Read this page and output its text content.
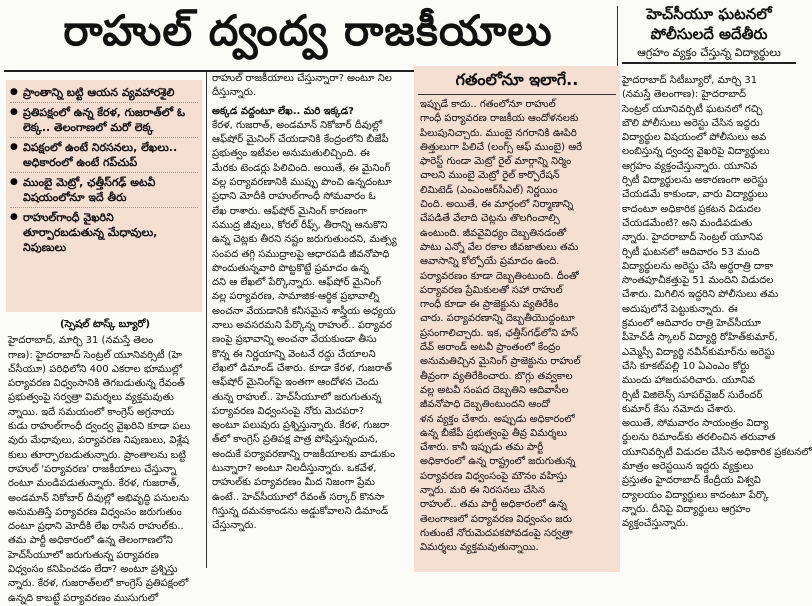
రాహుల్ ద్వంద్వ రాజకీయాలు	హెచ్‌సీయూ ఘటనలో
పోలీసులదే అదేతీరు
ఆగ్రహం వ్యక్తం చేస్తున్న విద్యార్థులు
● ప్రాంతాన్ని బట్టి ఆయన వ్యవహారశైలి
● ప్రతిపక్షంలో ఉన్న కేరళ, గుజరాత్‌లో ఓ లెక్క.. తెలంగాణలో మరో లెక్క
● విపక్షంలో ఉంటే నిరసనలు, లేఖలు.. అధికారంలో ఉంటే గప్‌చుప్
● ముంబై మెట్రో, ఛత్తీస్‌గఢ్ అటవీ విషయంలోనూ ఇదే తీరు
● రాహుల్‌గాంధీ వైఖరిని తూర్పారబడుతున్న మేధావులు, నిపుణులు

(స్పెషల్ టాస్క్ బ్యూరో)

హైదరాబాద్, మార్చి 31 (నమస్తే తెలం

గాణ): హైదరాబాద్ సెంట్రల్ యూనివర్సిటీ (హె

చ్‌సీయూ) పరిధిలోని 400 ఎకరాల భూముల్లో

పర్యావరణ విధ్వంసానికి తెగబడుతున్న రేవంత్

ప్రభుత్వంపై సర్వత్రా విమర్శలు వ్యక్తమవుతు

న్నాయి. ఇదే సమయంలో కాంగ్రెస్ అగ్రనాయ

కుడు రాహుల్‌గాంధీ ద్వంద్వ వైఖరిని కూడా పలు

వురు మేధావులు, పర్యావరణ నిపుణులు, విశ్లేష

కులు తూర్పారబడుతున్నారు. ప్రాంతాలను బట్టి

రాహుల్ 'పర్యావరణ' రాజకీయాలు చేస్తున్నా

రంటూ మండిపడుతున్నారు. కేరళ, గుజరాత్,

అండమాన్ నికోబార్ దీవుల్లో అభివృద్ధి పనులను

అనుమతిస్తే పర్యావరణ విధ్వంసం జరుగుతుం

దంటూ ప్రధాని మోదీకి లేఖ రాసిన రాహుల్‌కు..

తమ పార్టీ అధికారంలో ఉన్న తెలంగాణలోని

హెచ్‌సీయూలో జరుగుతున్న పర్యావరణ

విధ్వంసం కనిపించడం లేదా? అంటూ ప్రశ్నిస్తు

న్నారు. కేరళ, గుజరాత్‌లలో కాంగ్రెస్ ప్రతిపక్షంలో

ఉన్నది కాబట్టే పర్యావరణం ముసుగులో

రాహుల్ రాజకీయాలు చేస్తున్నారా? అంటూ నిల

దీస్తున్నారు.

అక్కడ వద్దంటూ లేఖ.. మరి ఇక్కడ?

కేరళ, గుజరాత్, అండమాన్ నికోబార్ దీవుల్లో

ఆఫ్‌షోర్ మైనింగ్ చేయడానికి కేంద్రంలోని బీజేపీ

ప్రభుత్వం ఇటీవల అనుమతులిచ్చింది. ఈ

మేరకు టెండర్లు పిలిచింది. అయితే, ఈ మైనింగ్

వల్ల పర్యావరణానికి ముప్పు పొంచి ఉన్నదంటూ

ప్రధాని మోదీకి రాహుల్‌గాంధీ సోమవారం ఓ

లేఖ రాశారు. ఆఫ్‌షోర్ మైనింగ్ కారణంగా

సముద్ర జీవులు, కోరల్ రీఫ్స్, తీరాన్ని ఆనుకొని

ఉన్న చెట్లకు తీరని నష్టం జరుగుతుందని, మత్స్య

సంపద తగ్గి సముద్రాలపై ఆధారపడి జీవనోపాధి

పొందుతున్నవారి పొట్టకొట్టే ప్రమాదం ఉన్న

దని ఆ లేఖలో పేర్కొన్నారు. ఆఫ్‌షోర్ మైనింగ్

వల్ల పర్యావరణ, సామాజిక-ఆర్థిక ప్రభావాల్ని

అంచనా వేయడానికి కనీసమైన శాస్త్రీయ అధ్యయ

నాలు అవసరమని పేర్కొన్న రాహుల్.. పర్యావర

ణంపై ప్రభావాన్ని అంచనా వేయకుండా తీసు

కొన్న ఈ నిర్ణయాన్ని వెంటనే రద్దు చేయాలని

లేఖలో డిమాండ్ చేశారు. కూడా కేరళ, గుజరాత్

ఆఫ్‌షోర్ మైనింగ్‌పై ఇంతగా ఆందోళన చెందు

తున్న రాహుల్.. హెచ్‌సీయూలో జరుగుతున్న

పర్యావరణ విధ్వంసంపై నోరు మెదపరా?

అంటూ పలువురు ప్రశ్నిస్తున్నారు. కేరళ, గుజరా

త్‌లో కాంగ్రెస్ ప్రతిపక్ష పాత్ర పోషిస్తున్నందున,

అందుకే పర్యావరణాన్ని రాజకీయాలకు వాడుకుం

టున్నారా? అంటూ నిలదీస్తున్నారు. ఒకవేళ,

రాహుల్‌కు పర్యావరణం మీద నిజంగా ప్రేమ

ఉంటే.. హెచ్‌సీయూలో రేవంత్ సర్కార్ కొనసా

గిస్తున్న దమనకాండను అడ్డుకోవాలని డిమాండ్

చేస్తున్నారు.

గతంలోనూ ఇలాగే..

ఇప్పుడే కాదు.. గతంలోనూ రాహుల్

గాంధీ పర్యావరణ రాజకీయ ఆందోళనలకు

పిలుపునిచ్చారు. ముంబై నగరానికి ఊపిరి

తిత్తులుగా పిలిచే (లంగ్స్ ఆఫ్ ముంబై) ఆరే

ఫారెస్ట్ గుండా మెట్రో రైల్ మార్గాన్ని నిర్మిం

చాలని ముంబై మెట్రో రైల్ కార్పొరేషన్

లిమిటెడ్ (ఎంఎంఆర్‌సీఎల్) నిర్ణయిం

చింది. అయితే, ఈ మార్గంలో నిర్మాణాన్ని

చేపడితే వేలాది చెట్లను తొలగించాల్సి

ఉంటుంది. జీవవైవిధ్యం దెబ్బతినడంతో

పాటు ఎన్నో వేల రకాల జీవజాతులు తమ

ఆవాసాన్ని కోల్పోయే ప్రమాదం ఉంది.

పర్యావరణం కూడా దెబ్బతింటుంది. దీంతో

పర్యావరణ ప్రేమికులతో సహా రాహుల్

గాంధీ కూడా ఈ ప్రాజెక్టును వ్యతిరేకిం

చారు. పర్యావరణాన్ని దెబ్బతీయొద్దంటూ

ప్రసంగాలిచ్చారు. ఇక, ఛత్తీస్‌గఢ్‌లోని హస్

దేవ్ అరాండ్ అటవీ ప్రాంతంలో కేంద్రం

అనుమతిచ్చిన మైనింగ్ ప్రాజెక్టును రాహుల్

తీవ్రంగా వ్యతిరేకించారు. బొగ్గు తవ్వకాల

వల్ల అటవీ సంపద దెబ్బతిని ఆదివాసీల

జీవనోపాధి దెబ్బతింటుందని ఆందో

ళన వ్యక్తం చేశారు. అప్పుడు అధికారంలో

ఉన్న బీజేపీ ప్రభుత్వంపై తీవ్ర విమర్శలు

చేశారు. కానీ ఇప్పుడు తమ పార్టీ

అధికారంలో ఉన్న రాష్ట్రంలో జరుగుతున్న

పర్యావరణ విధ్వంసంపై మౌనం వహిస్తు

న్నారు. మరి ఈ నిరసనలు చేసిన

రాహుల్.. తమ పార్టీ అధికారంలో ఉన్న

తెలంగాణలో పర్యావరణ విధ్వంసం జరు

గుతుంటే నోరుమెదపకపోవడంపై సర్వత్రా

విమర్శలు వ్యక్తమవుతున్నాయి.

హైదరాబాద్ సిటీబ్యూరో, మార్చి 31

(నమస్తే తెలంగాణ): హైదరాబాద్

సెంట్రల్ యూనివర్సిటీ ఘటనలో గచ్చి

బౌలి పోలీసులు అరెస్టు చేసిన ఇద్దరు

విద్యార్థుల విషయంలో పోలీసులు అవ

లంబిస్తున్న ద్వంద్వ వైఖరిపై విద్యార్థులు

ఆగ్రహం వ్యక్తంచేస్తున్నారు. యూనివ

ర్సిటీ విద్యార్థులను అకారణంగా అరెస్టు

చేయడమే కాకుండా, వారు విద్యార్థులు

కాదంటూ అధికారిక ప్రకటన విడుదల

చేయడమేంటి? అని మండిపడుతు

న్నారు. హైదరాబాద్ సెంట్రల్ యూనివ

ర్సిటీ ఘటనలో ఆదివారం 53 మంది

విద్యార్థులను అరెస్టు చేసి అర్ధరాత్రి దాకా

సొంతపూచీకత్తుపై 51 మందిని విడుదల

చేశారు. మిగిలిన ఇద్దరిని పోలీసులు తమ

అదుపులోనే పెట్టుకున్నారు. ఈ

క్రమంలో ఆదివారం రాత్రి హెచ్‌సీయూ

పీహెచ్‌డీ స్కాలర్ విద్యార్థి రోహిత్‌కుమార్,

ఎమ్మెస్సీ విద్యార్థి నవీన్‌కుమార్‌ను అరెస్టు

చేసి కూకట్‌పల్లి 10 ఏఎంఎం కోర్టు

ముందు హాజరుపరిచారు. యూనివ

ర్సిటీ విజిలెన్స్ సూపర్‌వైజర్ సురేందర్

కుమార్ కేసు నమోదు చేశారు.

అయితే, సోమవారం సాయంత్రం విద్యా

ర్థులను రిమాండ్‌కు తరలించిన తరువాత

యూనివర్సిటీ విడుదల చేసిన అధికారిక ప్రకటనలో

మాత్రం అరెస్టయిన ఇద్దరు వ్యక్తులు

ప్రస్తుతం హైదరాబాద్ కేంద్రీయ విశ్వవి

ద్యాలయం విద్యార్థులు కాదంటూ పేర్కొ

న్నారు. దీనిపై విద్యార్థులు ఆగ్రహం

వ్యక్తంచేస్తున్నారు.
